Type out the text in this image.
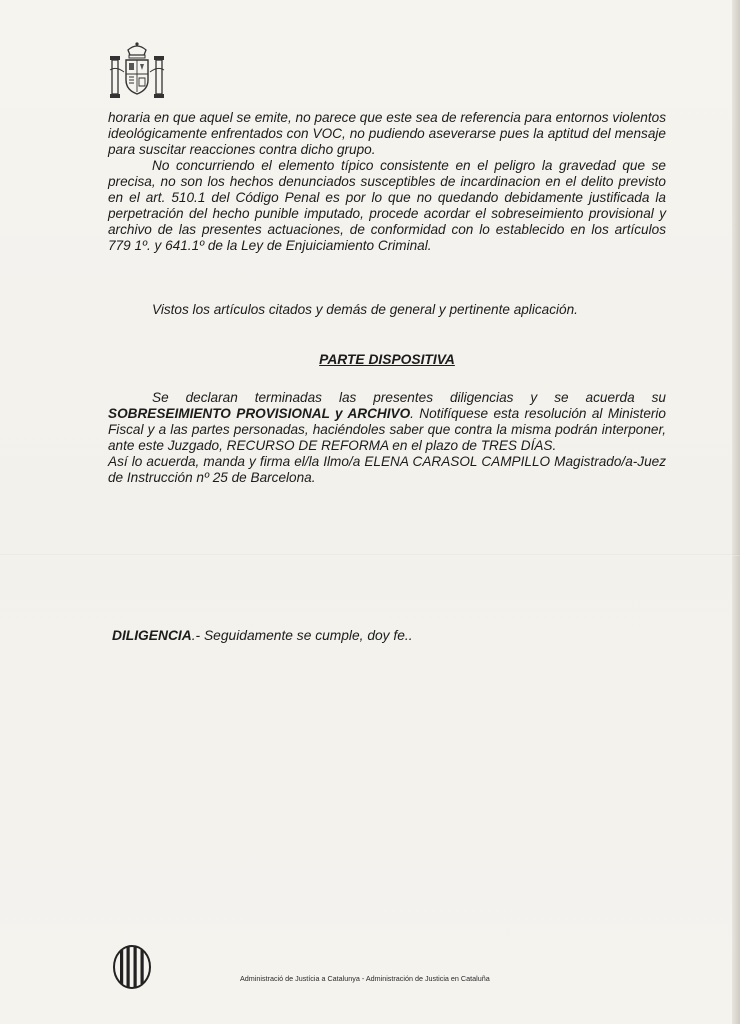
horaria en que aquel se emite, no parece que este sea de referencia para entornos violentos ideológicamente enfrentados con VOC, no pudiendo aseverarse pues la aptitud del mensaje para suscitar reacciones contra dicho grupo.

No concurriendo el elemento típico consistente en el peligro la gravedad que se precisa, no son los hechos denunciados susceptibles de incardinacion en el delito previsto en el art. 510.1 del Código Penal es por lo que no quedando debidamente justificada la perpetración del hecho punible imputado, procede acordar el sobreseimiento provisional y archivo de las presentes actuaciones, de conformidad con lo establecido en los artículos 779 1º. y 641.1º de la Ley de Enjuiciamiento Criminal.

Vistos los artículos citados y demás de general y pertinente aplicación.

PARTE DISPOSITIVA

Se declaran terminadas las presentes diligencias y se acuerda su SOBRESEIMIENTO PROVISIONAL y ARCHIVO. Notifíquese esta resolución al Ministerio Fiscal y a las partes personadas, haciéndoles saber que contra la misma podrán interponer, ante este Juzgado, RECURSO DE REFORMA en el plazo de TRES DÍAS.

Así lo acuerda, manda y firma el/la Ilmo/a ELENA CARASOL CAMPILLO Magistrado/a-Juez de Instrucción nº 25 de Barcelona.

DILIGENCIA.- Seguidamente se cumple, doy fe..
Administració de Justícia a Catalunya - Administración de Justicia en Cataluña
